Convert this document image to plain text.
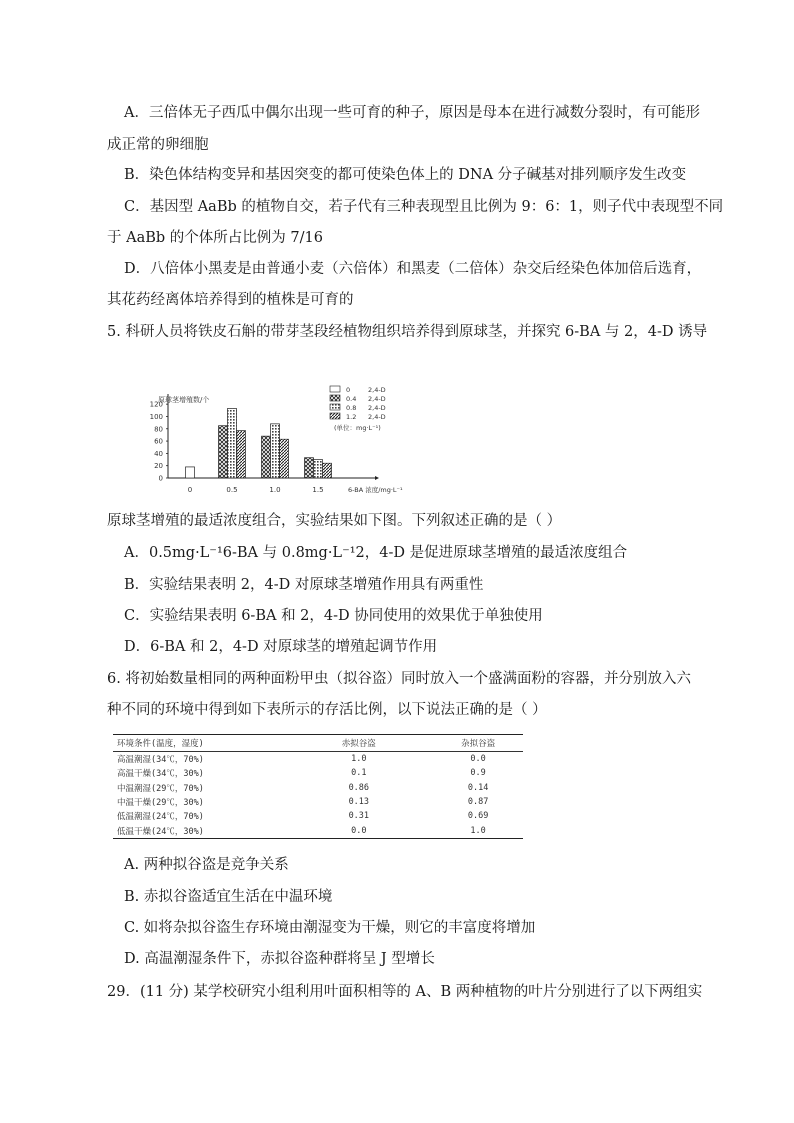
A．三倍体无子西瓜中偶尔出现一些可育的种子，原因是母本在进行减数分裂时，有可能形
成正常的卵细胞
B．染色体结构变异和基因突变的都可使染色体上的 DNA 分子碱基对排列顺序发生改变
C．基因型 AaBb 的植物自交，若子代有三种表现型且比例为 9：6：1，则子代中表现型不同
于 AaBb 的个体所占比例为 7/16
D．八倍体小黑麦是由普通小麦（六倍体）和黑麦（二倍体）杂交后经染色体加倍后选育，
其花药经离体培养得到的植株是可育的
5. 科研人员将铁皮石斛的带芽茎段经植物组织培养得到原球茎，并探究 6-BA 与 2，4-D 诱导
原球茎增殖数/个
0
20
40
60
80
100
120
0	0.5	1.0	1.5	6-BA 浓度/mg·L⁻¹
0	2,4-D
0.4 2,4-D
0.8 2,4-D
1.2 2,4-D
(单位：mg·L⁻¹)
原球茎增殖的最适浓度组合，实验结果如下图。下列叙述正确的是（ ）
A．0.5mg·L⁻¹6-BA 与 0.8mg·L⁻¹2，4-D 是促进原球茎增殖的最适浓度组合
B．实验结果表明 2，4-D 对原球茎增殖作用具有两重性
C．实验结果表明 6-BA 和 2，4-D 协同使用的效果优于单独使用
D．6-BA 和 2，4-D 对原球茎的增殖起调节作用
6. 将初始数量相同的两种面粉甲虫（拟谷盗）同时放入一个盛满面粉的容器，并分别放入六
种不同的环境中得到如下表所示的存活比例，以下说法正确的是（ ）
环境条件(温度，湿度)	赤拟谷盗	杂拟谷盗
高温潮湿(34℃，70%)	1.0	0.0
高温干燥(34℃，30%)	0.1	0.9
中温潮湿(29℃，70%)	0.86	0.14
中温干燥(29℃，30%)	0.13	0.87
低温潮湿(24℃，70%)	0.31	0.69
低温干燥(24℃，30%)	0.0	1.0
A. 两种拟谷盗是竞争关系
B. 赤拟谷盗适宜生活在中温环境
C. 如将杂拟谷盗生存环境由潮湿变为干燥，则它的丰富度将增加
D. 高温潮湿条件下，赤拟谷盗种群将呈 J 型增长
29．(11 分) 某学校研究小组利用叶面积相等的 A、B 两种植物的叶片分别进行了以下两组实
